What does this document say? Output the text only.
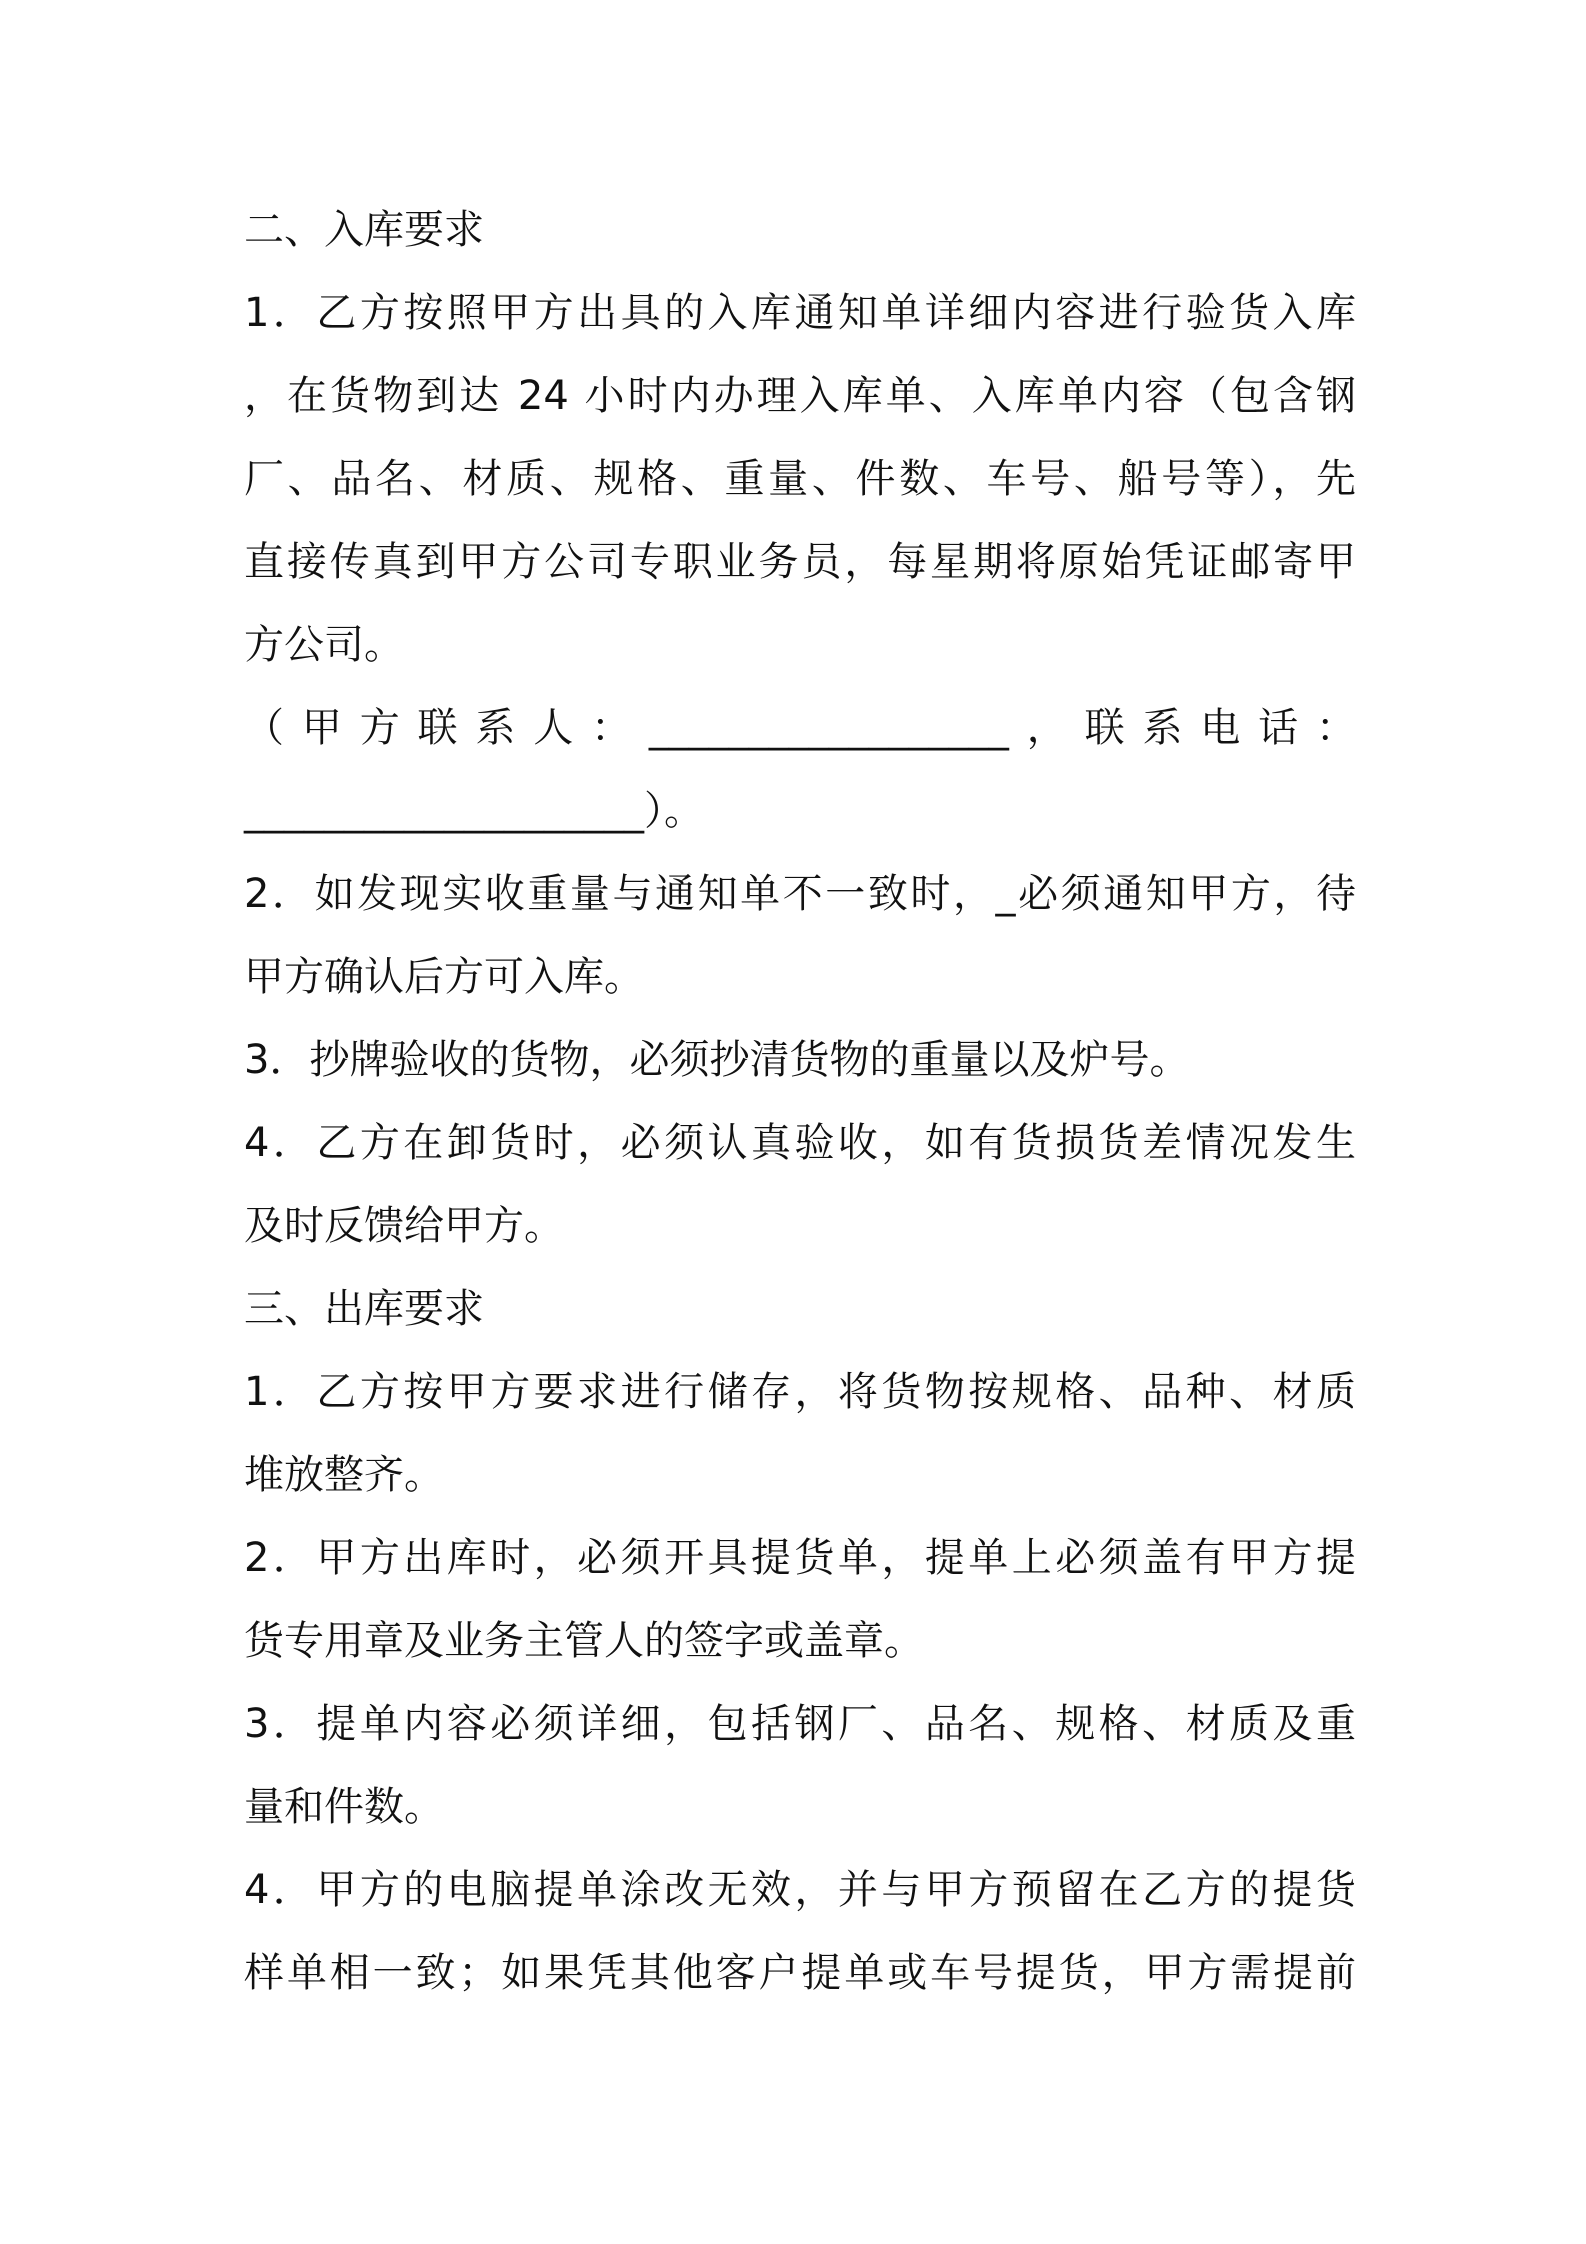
二、入库要求
1．乙方按照甲方出具的入库通知单详细内容进行验货入库
，在货物到达 24 小时内办理入库单、入库单内容（包含钢
厂、品名、材质、规格、重量、件数、车号、船号等），先
直接传真到甲方公司专职业务员，每星期将原始凭证邮寄甲
方公司。
（甲方联系人：__________________，联系电话：
____________________）。
2．如发现实收重量与通知单不一致时，_必须通知甲方，待
甲方确认后方可入库。
3．抄牌验收的货物，必须抄清货物的重量以及炉号。
4．乙方在卸货时，必须认真验收，如有货损货差情况发生
及时反馈给甲方。
三、出库要求
1．乙方按甲方要求进行储存，将货物按规格、品种、材质
堆放整齐。
2．甲方出库时，必须开具提货单，提单上必须盖有甲方提
货专用章及业务主管人的签字或盖章。
3．提单内容必须详细，包括钢厂、品名、规格、材质及重
量和件数。
4．甲方的电脑提单涂改无效，并与甲方预留在乙方的提货
样单相一致；如果凭其他客户提单或车号提货，甲方需提前
